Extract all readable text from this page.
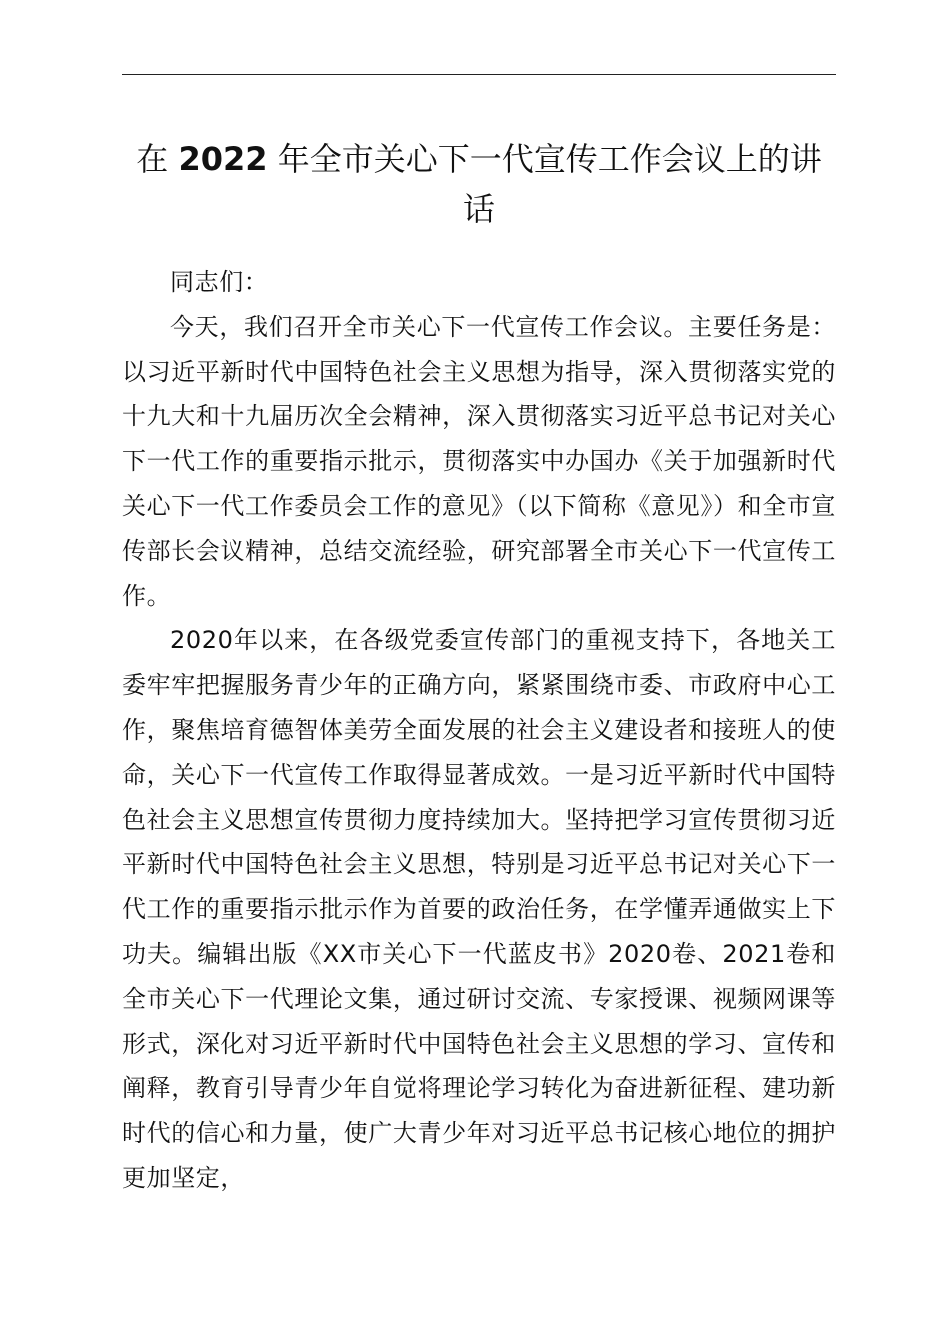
在 2022 年全市关心下一代宣传工作会议上的讲话

同志们：

今天，我们召开全市关心下一代宣传工作会议。主要任务是：以习近平新时代中国特色社会主义思想为指导，深入贯彻落实党的十九大和十九届历次全会精神，深入贯彻落实习近平总书记对关心下一代工作的重要指示批示，贯彻落实中办国办《关于加强新时代关心下一代工作委员会工作的意见》（以下简称《意见》）和全市宣传部长会议精神，总结交流经验，研究部署全市关心下一代宣传工作。

2020年以来，在各级党委宣传部门的重视支持下，各地关工委牢牢把握服务青少年的正确方向，紧紧围绕市委、市政府中心工作，聚焦培育德智体美劳全面发展的社会主义建设者和接班人的使命，关心下一代宣传工作取得显著成效。一是习近平新时代中国特色社会主义思想宣传贯彻力度持续加大。坚持把学习宣传贯彻习近平新时代中国特色社会主义思想，特别是习近平总书记对关心下一代工作的重要指示批示作为首要的政治任务，在学懂弄通做实上下功夫。编辑出版《XX市关心下一代蓝皮书》2020卷、2021卷和全市关心下一代理论文集，通过研讨交流、专家授课、视频网课等形式，深化对习近平新时代中国特色社会主义思想的学习、宣传和阐释，教育引导青少年自觉将理论学习转化为奋进新征程、建功新时代的信心和力量，使广大青少年对习近平总书记核心地位的拥护更加坚定，
